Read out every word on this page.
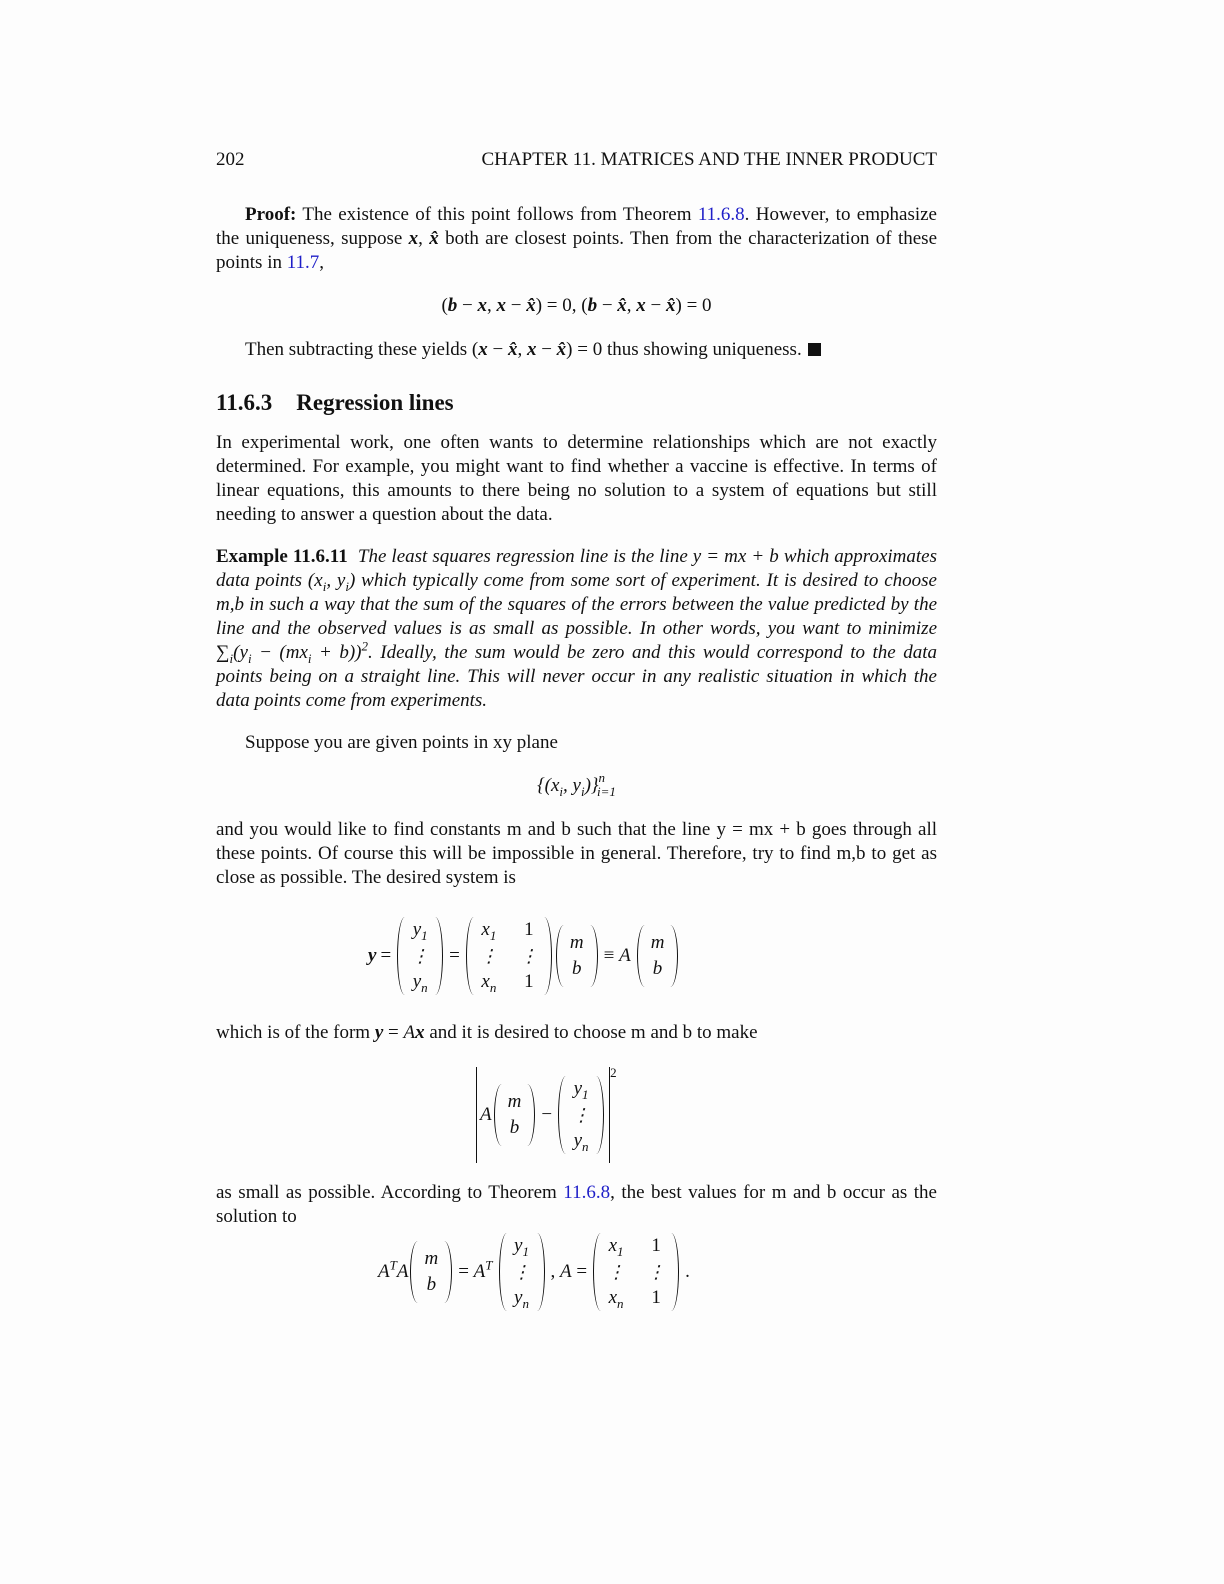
202	CHAPTER 11. MATRICES AND THE INNER PRODUCT

Proof: The existence of this point follows from Theorem 11.6.8. However, to emphasize the uniqueness, suppose x, x̂ both are closest points. Then from the characterization of these points in 11.7,

(b − x, x − x̂) = 0, (b − x̂, x − x̂) = 0

Then subtracting these yields (x − x̂, x − x̂) = 0 thus showing uniqueness.

11.6.3 Regression lines

In experimental work, one often wants to determine relationships which are not exactly determined. For example, you might want to find whether a vaccine is effective. In terms of linear equations, this amounts to there being no solution to a system of equations but still needing to answer a question about the data.

Example 11.6.11 The least squares regression line is the line y = mx + b which approximates data points ($x_i$, $y_i$) which typically come from some sort of experiment. It is desired to choose m,b in such a way that the sum of the squares of the errors between the value predicted by the line and the observed values is as small as possible. In other words, you want to minimize $\sum_i(y_i - (mx_i + b))^2$. Ideally, the sum would be zero and this would correspond to the data points being on a straight line. This will never occur in any realistic situation in which the data points come from experiments.

Suppose you are given points in xy plane

{($x_i$, $y_i)\}^n_{i=1}$

and you would like to find constants m and b such that the line y = mx + b goes through all these points. Of course this will be impossible in general. Therefore, try to find m,b to get as close as possible. The desired system is

y =
$y_1$
⋮
$y_n$
=
$x_1$ 1
⋮ ⋮
$x_n$ 1
m
b
≡ A
m
b

which is of the form y = Ax and it is desired to choose m and b to make

A
m
b
−
$y_1$
⋮
$y_n$
$^2$

as small as possible. According to Theorem 11.6.8, the best values for m and b occur as the solution to

$A^TA$
m
b
= $A^T$
$y_1$
⋮
$y_n$
, A =
$x_1$ 1
⋮ ⋮
$x_n$ 1
.
